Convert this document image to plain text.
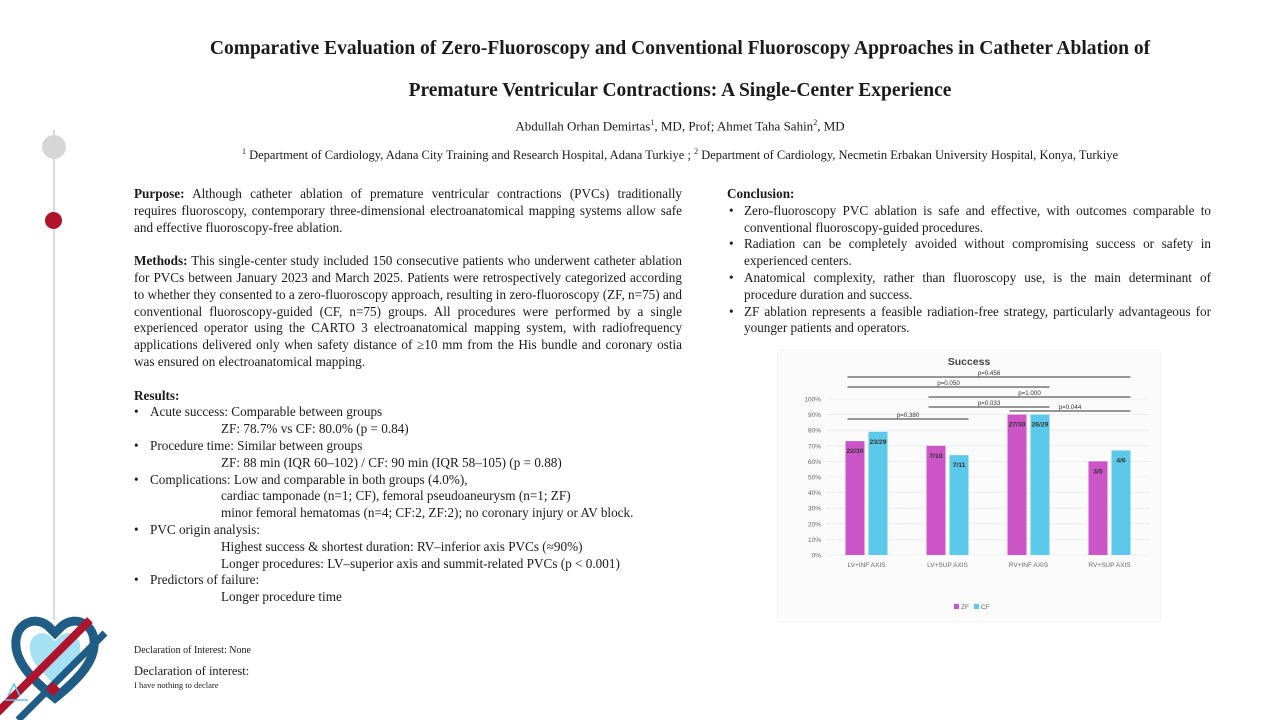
Comparative Evaluation of Zero-Fluoroscopy and Conventional Fluoroscopy Approaches in Catheter Ablation of
Premature Ventricular Contractions: A Single-Center Experience
Abdullah Orhan Demirtas$^1$, MD, Prof; Ahmet Taha Sahin$^2$, MD
$^1$ Department of Cardiology, Adana City Training and Research Hospital, Adana Turkiye ; $^2$ Department of Cardiology, Necmetin Erbakan University Hospital, Konya, Turkiye

Purpose: Although catheter ablation of premature ventricular contractions (PVCs) traditionally requires fluoroscopy, contemporary three-dimensional electroanatomical mapping systems allow safe and effective fluoroscopy-free ablation.

Methods: This single-center study included 150 consecutive patients who underwent catheter ablation for PVCs between January 2023 and March 2025. Patients were retrospectively categorized according to whether they consented to a zero-fluoroscopy approach, resulting in zero-fluoroscopy (ZF, n=75) and conventional fluoroscopy-guided (CF, n=75) groups. All procedures were performed by a single experienced operator using the CARTO 3 electroanatomical mapping system, with radiofrequency applications delivered only when safety distance of ≥10 mm from the His bundle and coronary ostia was ensured on electroanatomical mapping.

Results:

• Acute success: Comparable between groups

ZF: 78.7% vs CF: 80.0% (p = 0.84)

• Procedure time: Similar between groups

ZF: 88 min (IQR 60–102) / CF: 90 min (IQR 58–105) (p = 0.88)

• Complications: Low and comparable in both groups (4.0%),

cardiac tamponade (n=1; CF), femoral pseudoaneurysm (n=1; ZF)

minor femoral hematomas (n=4; CF:2, ZF:2); no coronary injury or AV block.

• PVC origin analysis:

Highest success & shortest duration: RV–inferior axis PVCs (≈90%)

Longer procedures: LV–superior axis and summit-related PVCs (p < 0.001)

• Predictors of failure:

Longer procedure time

Declaration of Interest: None
Declaration of interest:
I have nothing to declare
Conclusion:

• Zero-fluoroscopy PVC ablation is safe and effective, with outcomes comparable to conventional fluoroscopy-guided procedures.

• Radiation can be completely avoided without compromising success or safety in experienced centers.

• Anatomical complexity, rather than fluoroscopy use, is the main determinant of procedure duration and success.

• ZF ablation represents a feasible radiation-free strategy, particularly advantageous for younger patients and operators.

Success
0%
10%
20%
30%
40%
50%
60%
70%
80%
90%
100%
22/30
23/29
LV+INF AXIS
7/10
7/11
LV+SUP AXIS
27/30 26/29
RV+INF AXIS
3/5
4/6
RV+SUP AXIS
p=0.456
p=0.050
p=1.000
p=0.033
p=0.044
p=0.380
ZF CF
